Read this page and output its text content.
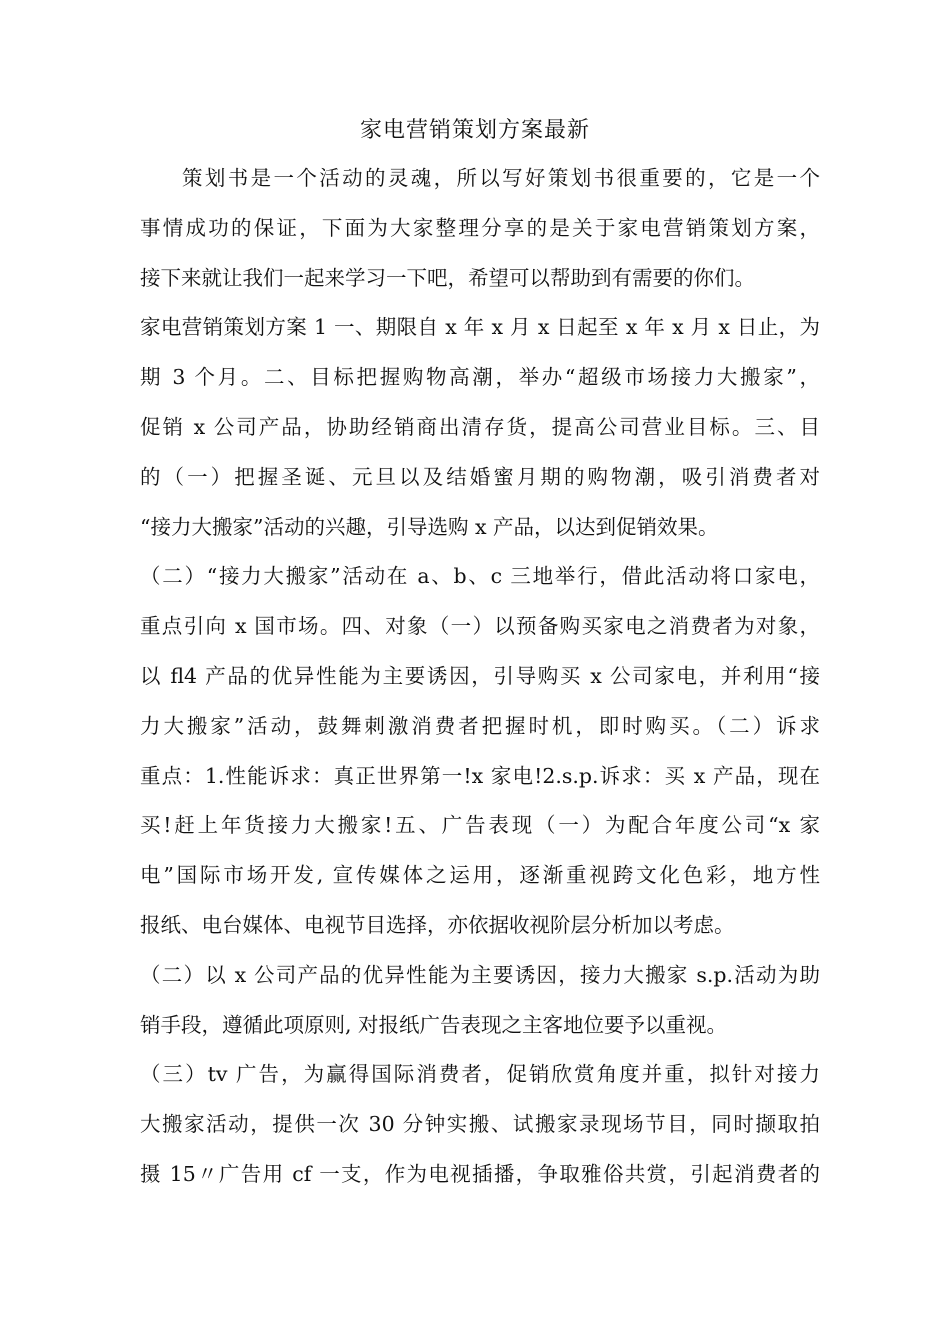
家电营销策划方案最新
策划书是一个活动的灵魂，所以写好策划书很重要的，它是一个
事情成功的保证，下面为大家整理分享的是关于家电营销策划方案，
接下来就让我们一起来学习一下吧，希望可以帮助到有需要的你们。
家电营销策划方案 1 一、期限自 x 年 x 月 x 日起至 x 年 x 月 x 日止，为
期 3 个月。二、目标把握购物高潮，举办“超级市场接力大搬家”，
促销 x 公司产品，协助经销商出清存货，提高公司营业目标。三、目
的（一）把握圣诞、元旦以及结婚蜜月期的购物潮，吸引消费者对
“接力大搬家”活动的兴趣，引导选购 x 产品，以达到促销效果。
（二）“接力大搬家”活动在 a、b、c 三地举行，借此活动将口家电，
重点引向 x 国市场。四、对象（一）以预备购买家电之消费者为对象，
以 fl4 产品的优异性能为主要诱因，引导购买 x 公司家电，并利用“接
力大搬家”活动，鼓舞刺激消费者把握时机，即时购买。（二）诉求
重点：1.性能诉求：真正世界第一!x 家电!2.s.p.诉求：买 x 产品，现在
买!赶上年货接力大搬家!五、广告表现（一）为配合年度公司“x 家
电”国际市场开发, 宣传媒体之运用，逐渐重视跨文化色彩，地方性
报纸、电台媒体、电视节目选择，亦依据收视阶层分析加以考虑。
（二）以 x 公司产品的优异性能为主要诱因，接力大搬家 s.p.活动为助
销手段，遵循此项原则, 对报纸广告表现之主客地位要予以重视。
（三）tv 广告，为赢得国际消费者，促销欣赏角度并重，拟针对接力
大搬家活动，提供一次 30 分钟实搬、试搬家录现场节目，同时撷取拍
摄 15〃广告用 cf 一支，作为电视插播，争取雅俗共赏，引起消费者的
